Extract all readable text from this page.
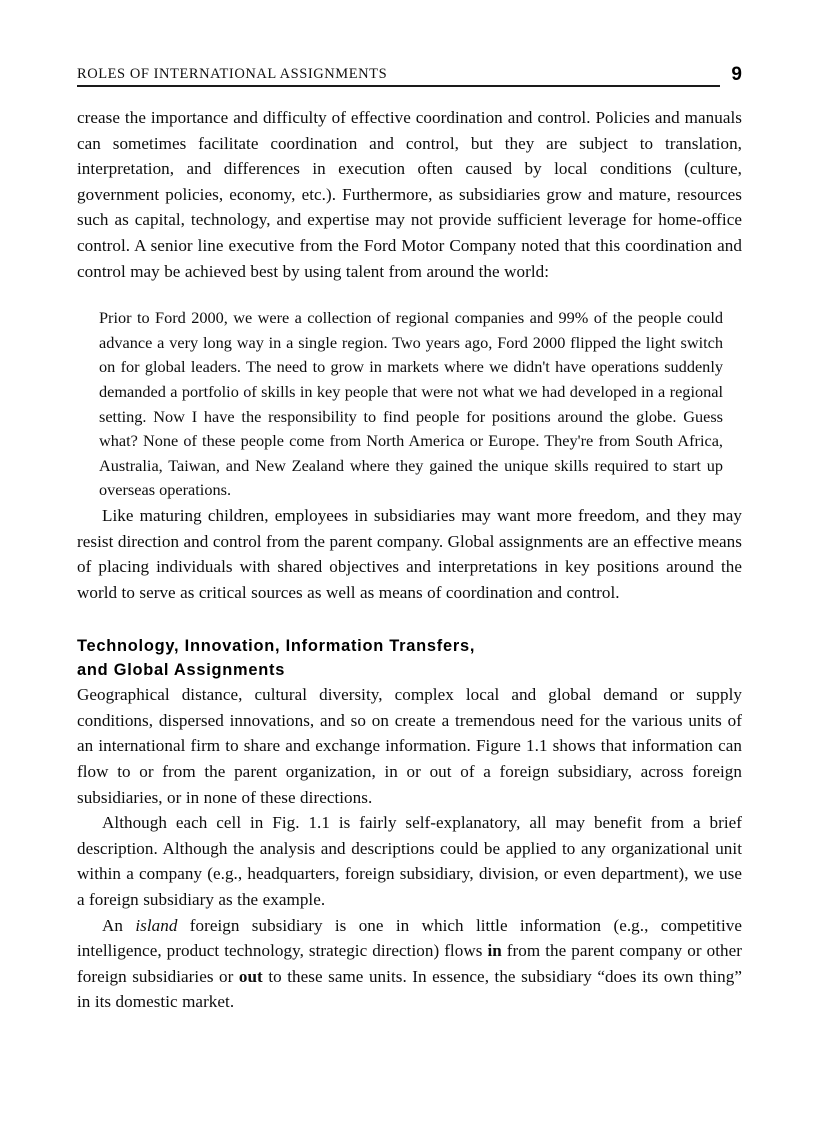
ROLES OF INTERNATIONAL ASSIGNMENTS	9

crease the importance and difficulty of effective coordination and control. Policies and manuals can sometimes facilitate coordination and control, but they are subject to translation, interpretation, and differences in execution often caused by local conditions (culture, government policies, economy, etc.). Furthermore, as subsidiaries grow and mature, resources such as capital, technology, and expertise may not provide sufficient leverage for home-office control. A senior line executive from the Ford Motor Company noted that this coordination and control may be achieved best by using talent from around the world:

Prior to Ford 2000, we were a collection of regional companies and 99% of the people could advance a very long way in a single region. Two years ago, Ford 2000 flipped the light switch on for global leaders. The need to grow in markets where we didn't have operations suddenly demanded a portfolio of skills in key people that were not what we had developed in a regional setting. Now I have the responsibility to find people for positions around the globe. Guess what? None of these people come from North America or Europe. They're from South Africa, Australia, Taiwan, and New Zealand where they gained the unique skills required to start up overseas operations.

Like maturing children, employees in subsidiaries may want more freedom, and they may resist direction and control from the parent company. Global assignments are an effective means of placing individuals with shared objectives and interpretations in key positions around the world to serve as critical sources as well as means of coordination and control.

Technology, Innovation, Information Transfers,
and Global Assignments

Geographical distance, cultural diversity, complex local and global demand or supply conditions, dispersed innovations, and so on create a tremendous need for the various units of an international firm to share and exchange information. Figure 1.1 shows that information can flow to or from the parent organization, in or out of a foreign subsidiary, across foreign subsidiaries, or in none of these directions.

Although each cell in Fig. 1.1 is fairly self-explanatory, all may benefit from a brief description. Although the analysis and descriptions could be applied to any organizational unit within a company (e.g., headquarters, foreign subsidiary, division, or even department), we use a foreign subsidiary as the example.

An island foreign subsidiary is one in which little information (e.g., competitive intelligence, product technology, strategic direction) flows in from the parent company or other foreign subsidiaries or out to these same units. In essence, the subsidiary “does its own thing” in its domestic market.
